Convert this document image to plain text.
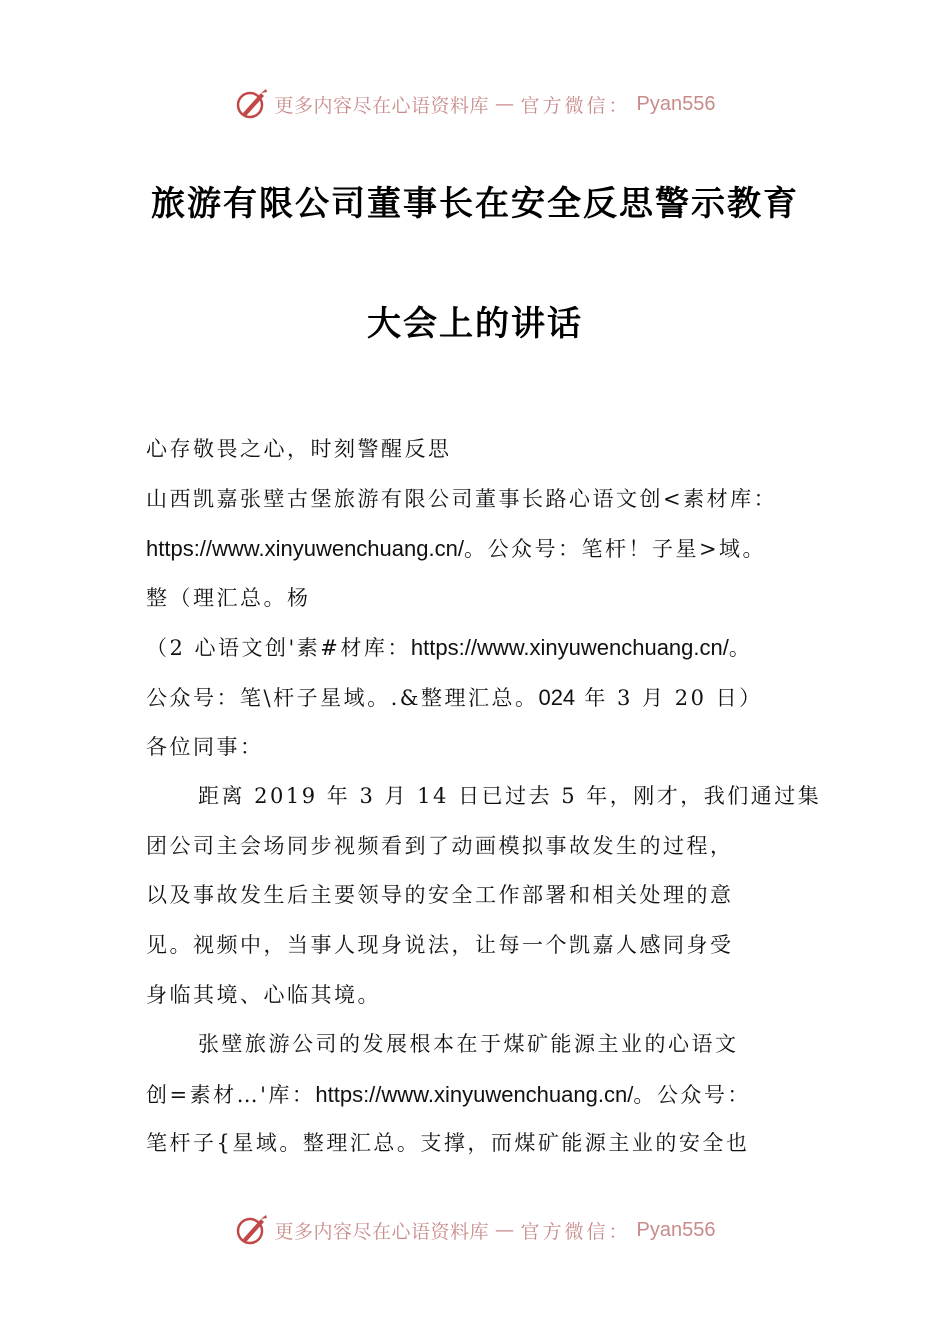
更多内容尽在心语资料库 — 官方微信： Pyan556
旅游有限公司董事长在安全反思警示教育
大会上的讲话
心存敬畏之心，时刻警醒反思
山西凯嘉张壁古堡旅游有限公司董事长路心语文创<素材库：
https://www.xinyuwenchuang.cn/。公众号：笔杆！子星>域。
整（理汇总。杨
（2 心语文创'素#材库：https://www.xinyuwenchuang.cn/。
公众号：笔\杆子星域。.&整理汇总。024 年 3 月 20 日）
各位同事：
距离 2019 年 3 月 14 日已过去 5 年，刚才，我们通过集
团公司主会场同步视频看到了动画模拟事故发生的过程，
以及事故发生后主要领导的安全工作部署和相关处理的意
见。视频中，当事人现身说法，让每一个凯嘉人感同身受
身临其境、心临其境。
张壁旅游公司的发展根本在于煤矿能源主业的心语文
创=素材…'库：https://www.xinyuwenchuang.cn/。公众号：
笔杆子{星域。整理汇总。支撑，而煤矿能源主业的安全也
更多内容尽在心语资料库 — 官方微信： Pyan556
